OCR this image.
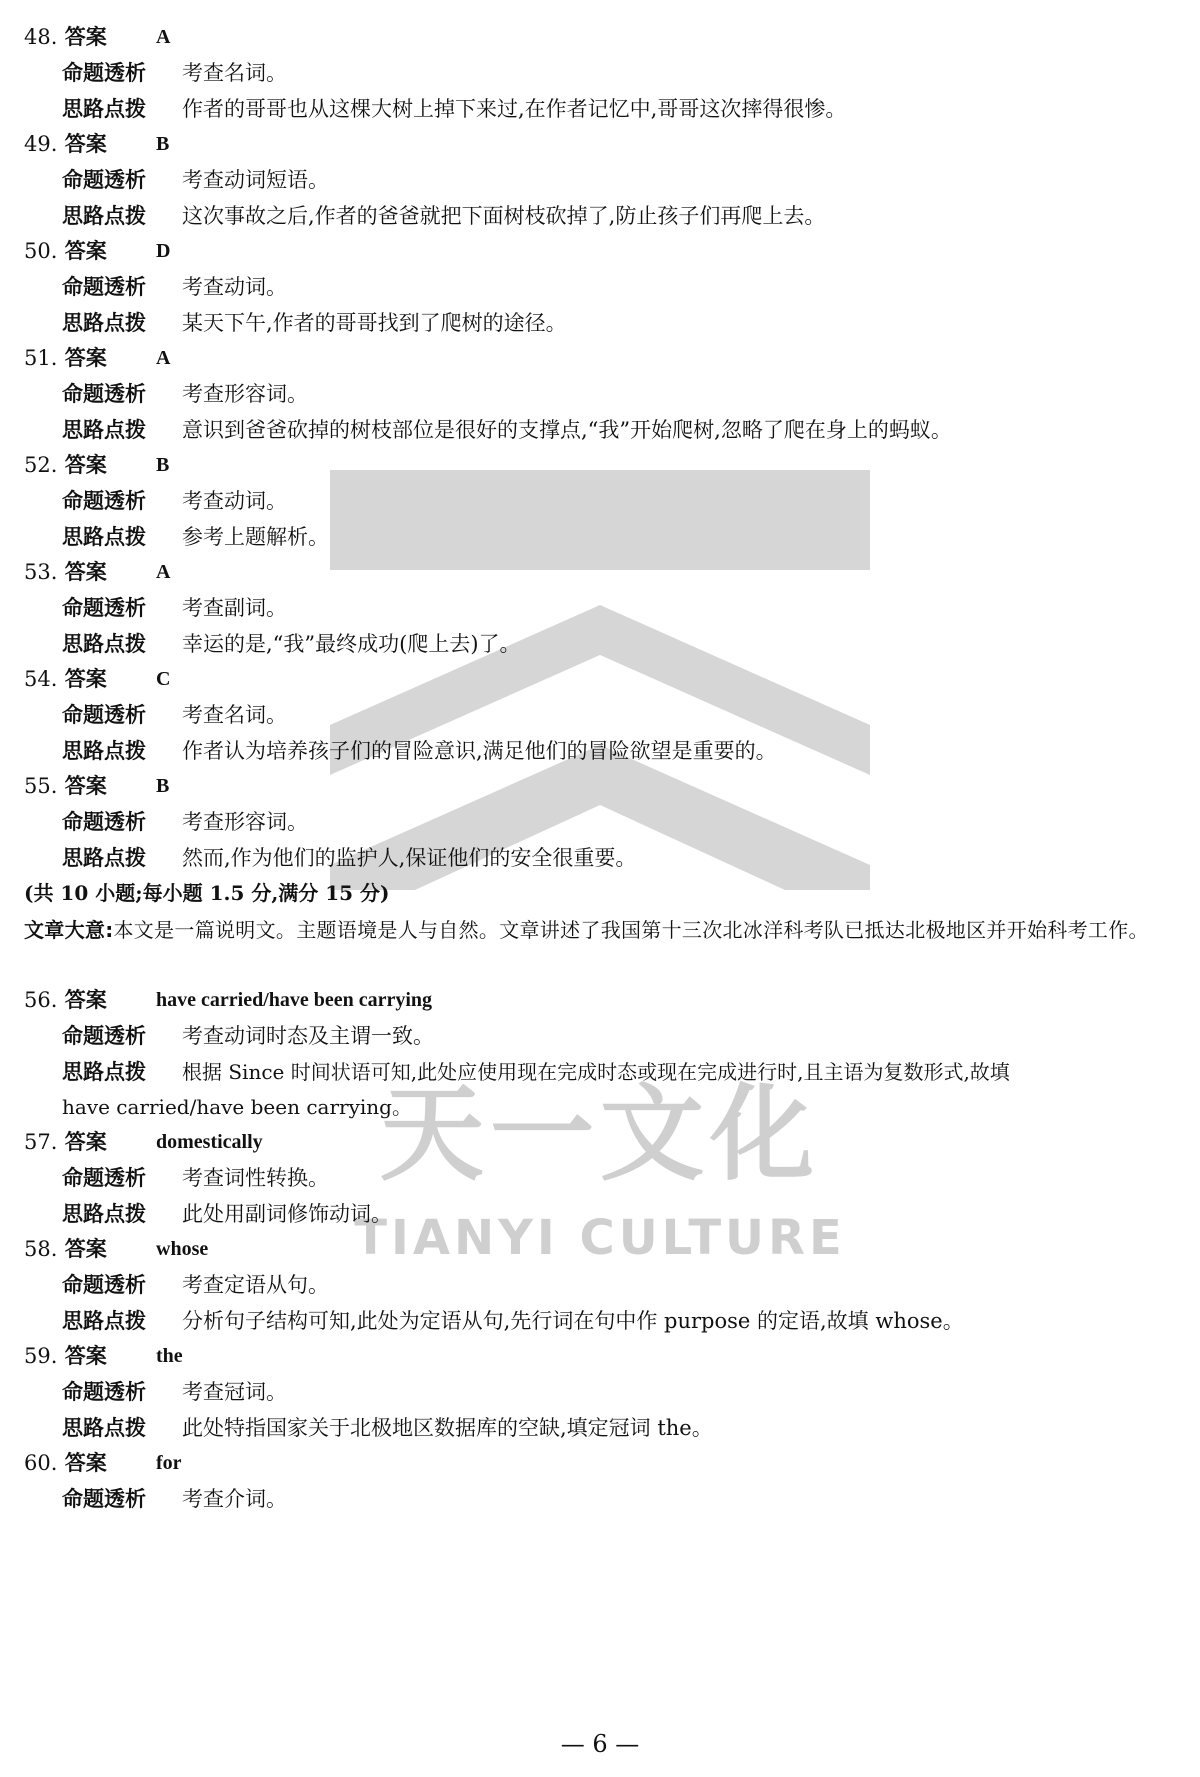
天一文化
TIANYI CULTURE
48. 答案 A
命题透析 考查名词。
思路点拨 作者的哥哥也从这棵大树上掉下来过,在作者记忆中,哥哥这次摔得很惨。
49. 答案 B
命题透析 考查动词短语。
思路点拨 这次事故之后,作者的爸爸就把下面树枝砍掉了,防止孩子们再爬上去。
50. 答案 D
命题透析 考查动词。
思路点拨 某天下午,作者的哥哥找到了爬树的途径。
51. 答案 A
命题透析 考查形容词。
思路点拨 意识到爸爸砍掉的树枝部位是很好的支撑点,“我”开始爬树,忽略了爬在身上的蚂蚁。
52. 答案 B
命题透析 考查动词。
思路点拨 参考上题解析。
53. 答案 A
命题透析 考查副词。
思路点拨 幸运的是,“我”最终成功(爬上去)了。
54. 答案 C
命题透析 考查名词。
思路点拨 作者认为培养孩子们的冒险意识,满足他们的冒险欲望是重要的。
55. 答案 B
命题透析 考查形容词。
思路点拨 然而,作为他们的监护人,保证他们的安全很重要。
(共 10 小题;每小题 1.5 分,满分 15 分)
文章大意:本文是一篇说明文。主题语境是人与自然。文章讲述了我国第十三次北冰洋科考队已抵达北极地区并开始科考工作。
56. 答案 have carried/have been carrying
命题透析 考查动词时态及主谓一致。
思路点拨 根据 Since 时间状语可知,此处应使用现在完成时态或现在完成进行时,且主语为复数形式,故填
have carried/have been carrying。
57. 答案 domestically
命题透析 考查词性转换。
思路点拨 此处用副词修饰动词。
58. 答案 whose
命题透析 考查定语从句。
思路点拨 分析句子结构可知,此处为定语从句,先行词在句中作 purpose 的定语,故填 whose。
59. 答案 the
命题透析 考查冠词。
思路点拨 此处特指国家关于北极地区数据库的空缺,填定冠词 the。
60. 答案 for
命题透析 考查介词。
— 6 —
